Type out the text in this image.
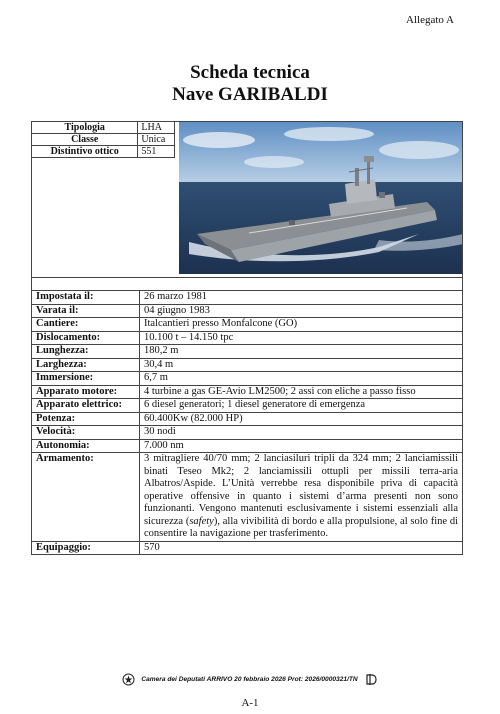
Allegato A
Scheda tecnica
Nave GARIBALDI
Tipologia	LHA
Classe	Unica
Distintivo ottico	551
Impostata il:	26 marzo 1981
Varata il:	04 giugno 1983
Cantiere:	Italcantieri presso Monfalcone (GO)
Dislocamento:	10.100 t – 14.150 tpc
Lunghezza:	180,2 m
Larghezza:	30,4 m
Immersione:	6,7 m
Apparato motore:	4 turbine a gas GE-Avio LM2500; 2 assi con eliche a passo fisso
Apparato elettrico:	6 diesel generatori; 1 diesel generatore di emergenza
Potenza:	60.400Kw (82.000 HP)
Velocità:	30 nodi
Autonomia:	7.000 nm
Armamento:	3 mitragliere 40/70 mm; 2 lanciasiluri tripli da 324 mm; 2 lanciamissili binati Teseo Mk2; 2 lanciamissili ottupli per missili terra-aria Albatros/Aspide. L’Unità verrebbe resa disponibile priva di capacità operative offensive in quanto i sistemi d’arma presenti non sono funzionanti. Vengono mantenuti esclusivamente i sistemi essenziali alla sicurezza (safety), alla vivibilità di bordo e alla propulsione, al solo fine di consentire la navigazione per trasferimento.
Equipaggio:	570
Camera dei Deputati ARRIVO 20 febbraio 2026 Prot: 2026/0000321/TN
A-1
